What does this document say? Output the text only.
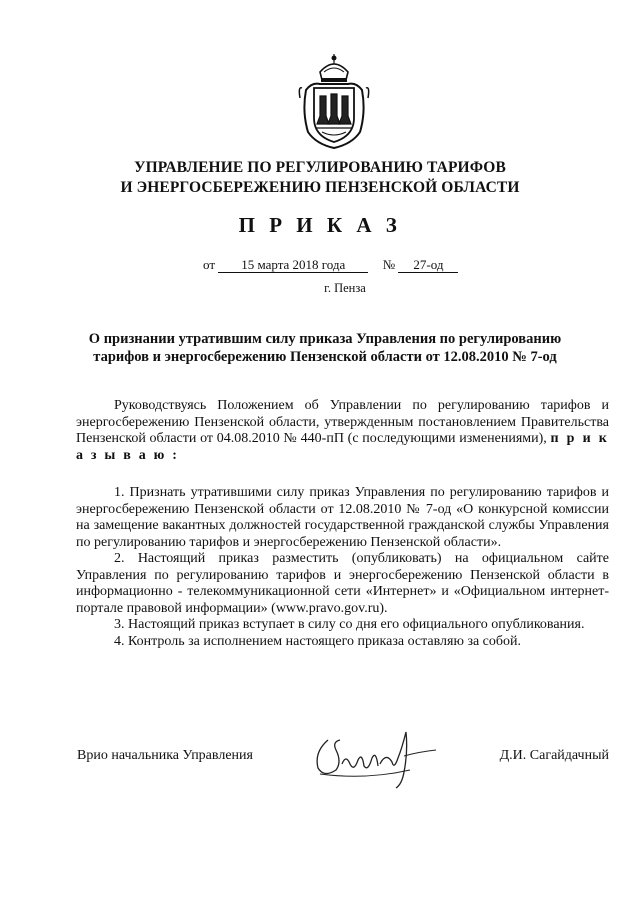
УПРАВЛЕНИЕ ПО РЕГУЛИРОВАНИЮ ТАРИФОВ
И ЭНЕРГОСБЕРЕЖЕНИЮ ПЕНЗЕНСКОЙ ОБЛАСТИ
П Р И К А З
от 15 марта 2018 года	№ 27-од
г. Пенза
О признании утратившим силу приказа Управления по регулированию
тарифов и энергосбережению Пензенской области от 12.08.2010 № 7-од

Руководствуясь Положением об Управлении по регулированию тарифов и энергосбережению Пензенской области, утвержденным постановлением Правительства Пензенской области от 04.08.2010 № 440-пП (с последующими изменениями), п р и к а з ы в а ю :

1. Признать утратившими силу приказ Управления по регулированию тарифов и энергосбережению Пензенской области от 12.08.2010 № 7-од «О конкурсной комиссии на замещение вакантных должностей государственной гражданской службы Управления по регулированию тарифов и энергосбережению Пензенской области».

2. Настоящий приказ разместить (опубликовать) на официальном сайте Управления по регулированию тарифов и энергосбережению Пензенской области в информационно - телекоммуникационной сети «Интернет» и «Официальном интернет-портале правовой информации» (www.pravo.gov.ru).

3. Настоящий приказ вступает в силу со дня его официального опубликования.

4. Контроль за исполнением настоящего приказа оставляю за собой.

Врио начальника Управления	Д.И. Сагайдачный
